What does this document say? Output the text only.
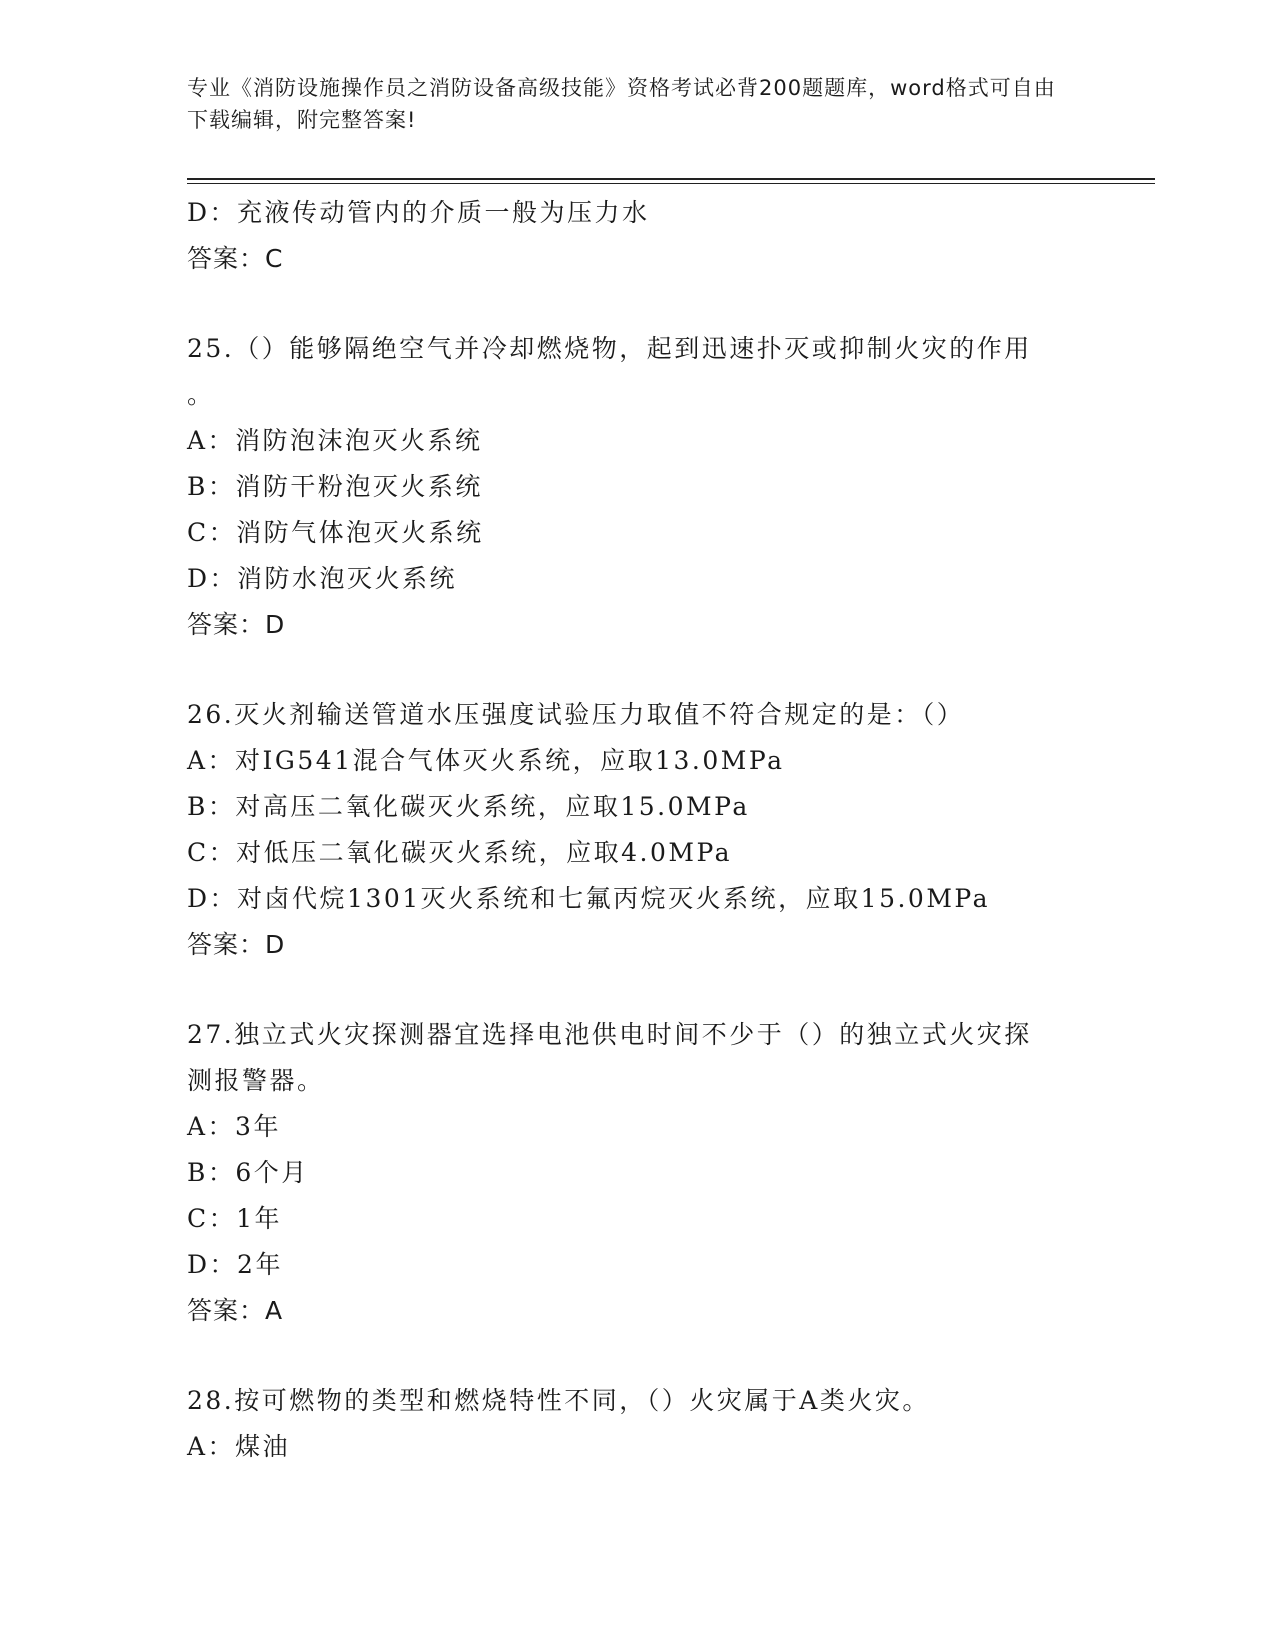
专业《消防设施操作员之消防设备高级技能》资格考试必背200题题库，word格式可自由下载编辑，附完整答案!
D：充液传动管内的介质一般为压力水
答案：C
25.（）能够隔绝空气并冷却燃烧物，起到迅速扑灭或抑制火灾的作用
。
A：消防泡沫泡灭火系统
B：消防干粉泡灭火系统
C：消防气体泡灭火系统
D：消防水泡灭火系统
答案：D
26.灭火剂输送管道水压强度试验压力取值不符合规定的是：（）
A：对IG541混合气体灭火系统，应取13.0MPa
B：对高压二氧化碳灭火系统，应取15.0MPa
C：对低压二氧化碳灭火系统，应取4.0MPa
D：对卤代烷1301灭火系统和七氟丙烷灭火系统，应取15.0MPa
答案：D
27.独立式火灾探测器宜选择电池供电时间不少于（）的独立式火灾探
测报警器。
A：3年
B：6个月
C：1年
D：2年
答案：A
28.按可燃物的类型和燃烧特性不同，（）火灾属于A类火灾。
A：煤油
